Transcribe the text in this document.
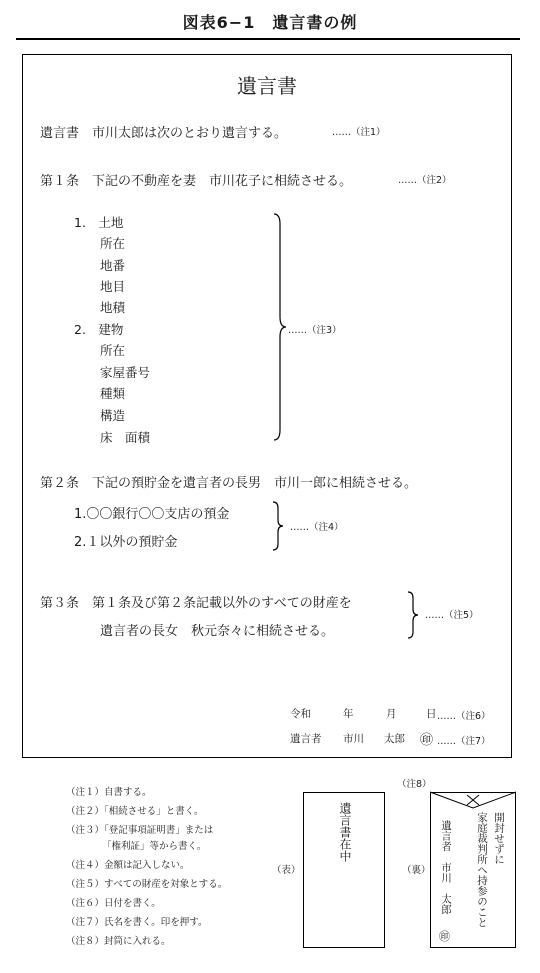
図表6−1　遺言書の例
遺言書
遺言書　市川太郎は次のとおり遺言する。	……（注1）
第１条　下記の不動産を妻　市川花子に相続させる。	……（注2）
1.　土地
所在
地番
地目
地積
2.　建物
所在
家屋番号
種類
構造
床　面積
……（注3）
第２条　下記の預貯金を遺言者の長男　市川一郎に相続させる。
1.〇〇銀行〇〇支店の預金
2.１以外の預貯金
……（注4）
第３条　第１条及び第２条記載以外のすべての財産を
遺言者の長女　秋元奈々に相続させる。
……（注5）
令和	年	月	日 ……（注6）
遺言者 市川 太郎 ㊞ ……（注7）
（注１）自書する。
（注２）「相続させる」と書く。
（注３）「登記事項証明書」または
「権利証」等から書く。
（注４）金額は記入しない。
（注５）すべての財産を対象とする。
（注６）日付を書く。
（注７）氏名を書く。印を押す。
（注８）封筒に入れる。
（表）
遺言書在中
（注8）
（裏）
開封せずに
家庭裁判所へ持参のこと
遺言者　市川　太郎
㊞
